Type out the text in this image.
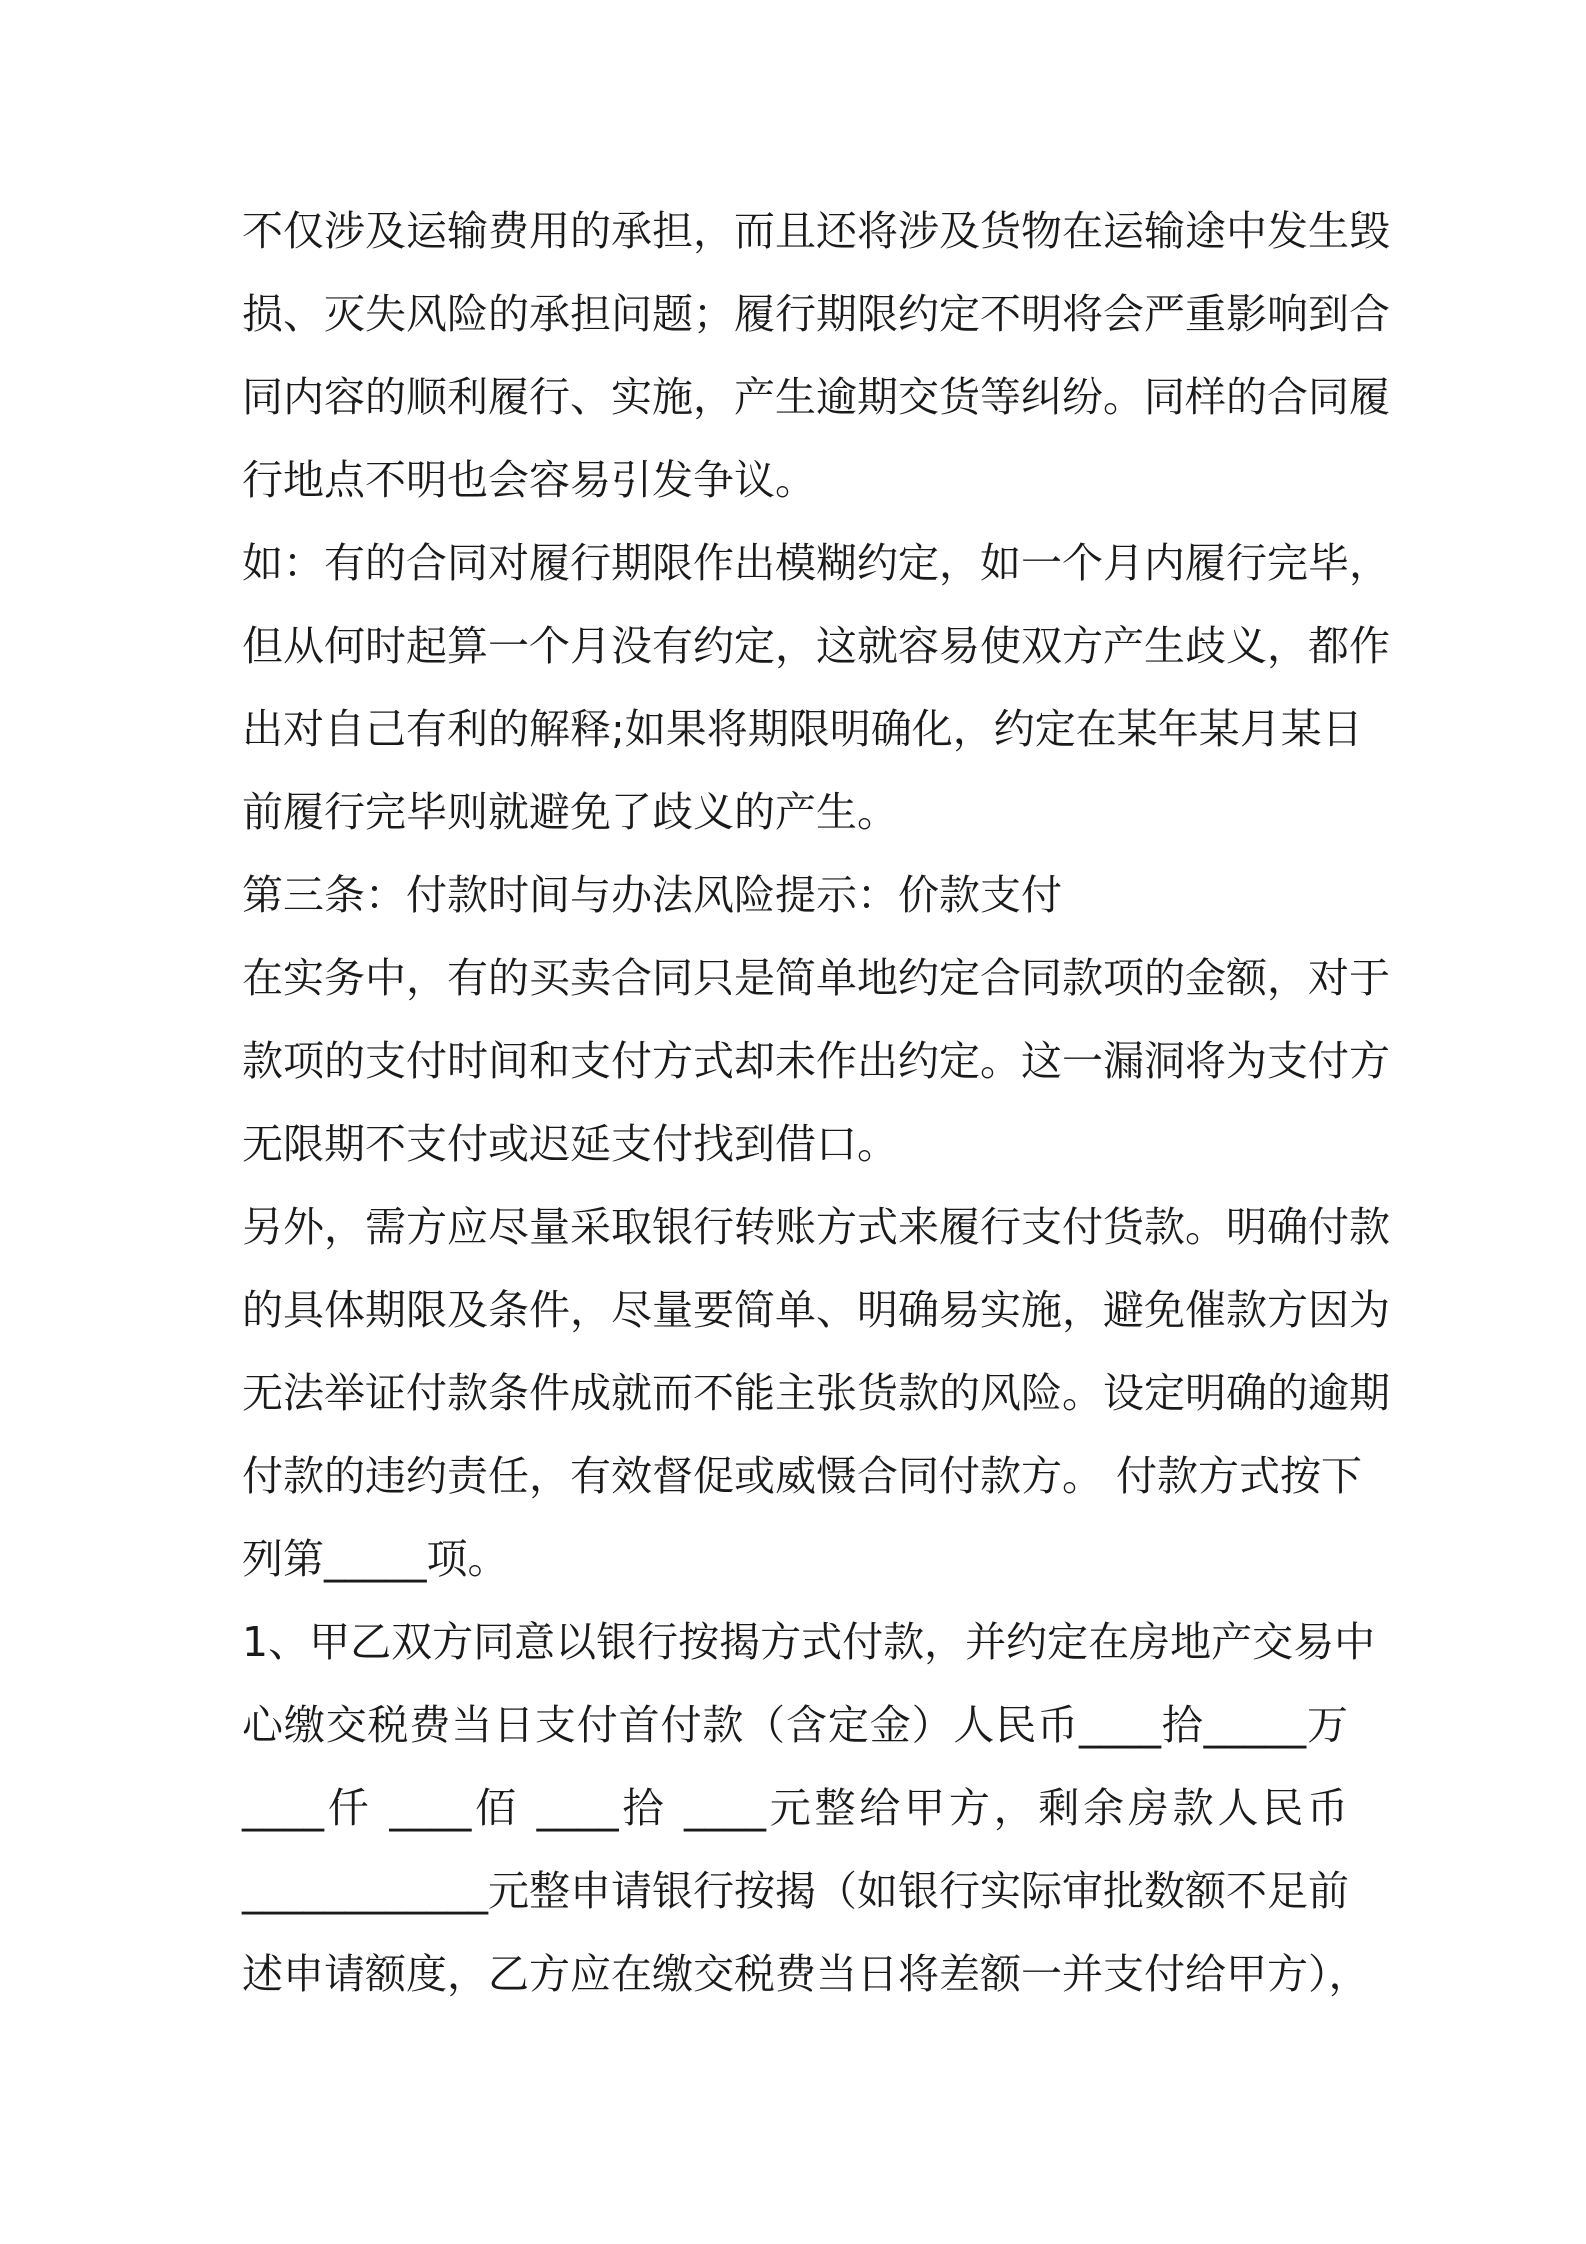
不仅涉及运输费用的承担，而且还将涉及货物在运输途中发生毁
损、灭失风险的承担问题；履行期限约定不明将会严重影响到合
同内容的顺利履行、实施，产生逾期交货等纠纷。同样的合同履
行地点不明也会容易引发争议。
如：有的合同对履行期限作出模糊约定，如一个月内履行完毕，
但从何时起算一个月没有约定，这就容易使双方产生歧义，都作
出对自己有利的解释;如果将期限明确化，约定在某年某月某日
前履行完毕则就避免了歧义的产生。
第三条：付款时间与办法风险提示：价款支付
在实务中，有的买卖合同只是简单地约定合同款项的金额，对于
款项的支付时间和支付方式却未作出约定。这一漏洞将为支付方
无限期不支付或迟延支付找到借口。
另外，需方应尽量采取银行转账方式来履行支付货款。明确付款
的具体期限及条件，尽量要简单、明确易实施，避免催款方因为
无法举证付款条件成就而不能主张货款的风险。设定明确的逾期
付款的违约责任，有效督促或威慑合同付款方。 付款方式按下
列第_____项。
1、甲乙双方同意以银行按揭方式付款，并约定在房地产交易中
心缴交税费当日支付首付款（含定金）人民币____拾_____万
____仟 ____佰 ____拾 ____元整给甲方，剩余房款人民币
____________元整申请银行按揭（如银行实际审批数额不足前
述申请额度，乙方应在缴交税费当日将差额一并支付给甲方），
